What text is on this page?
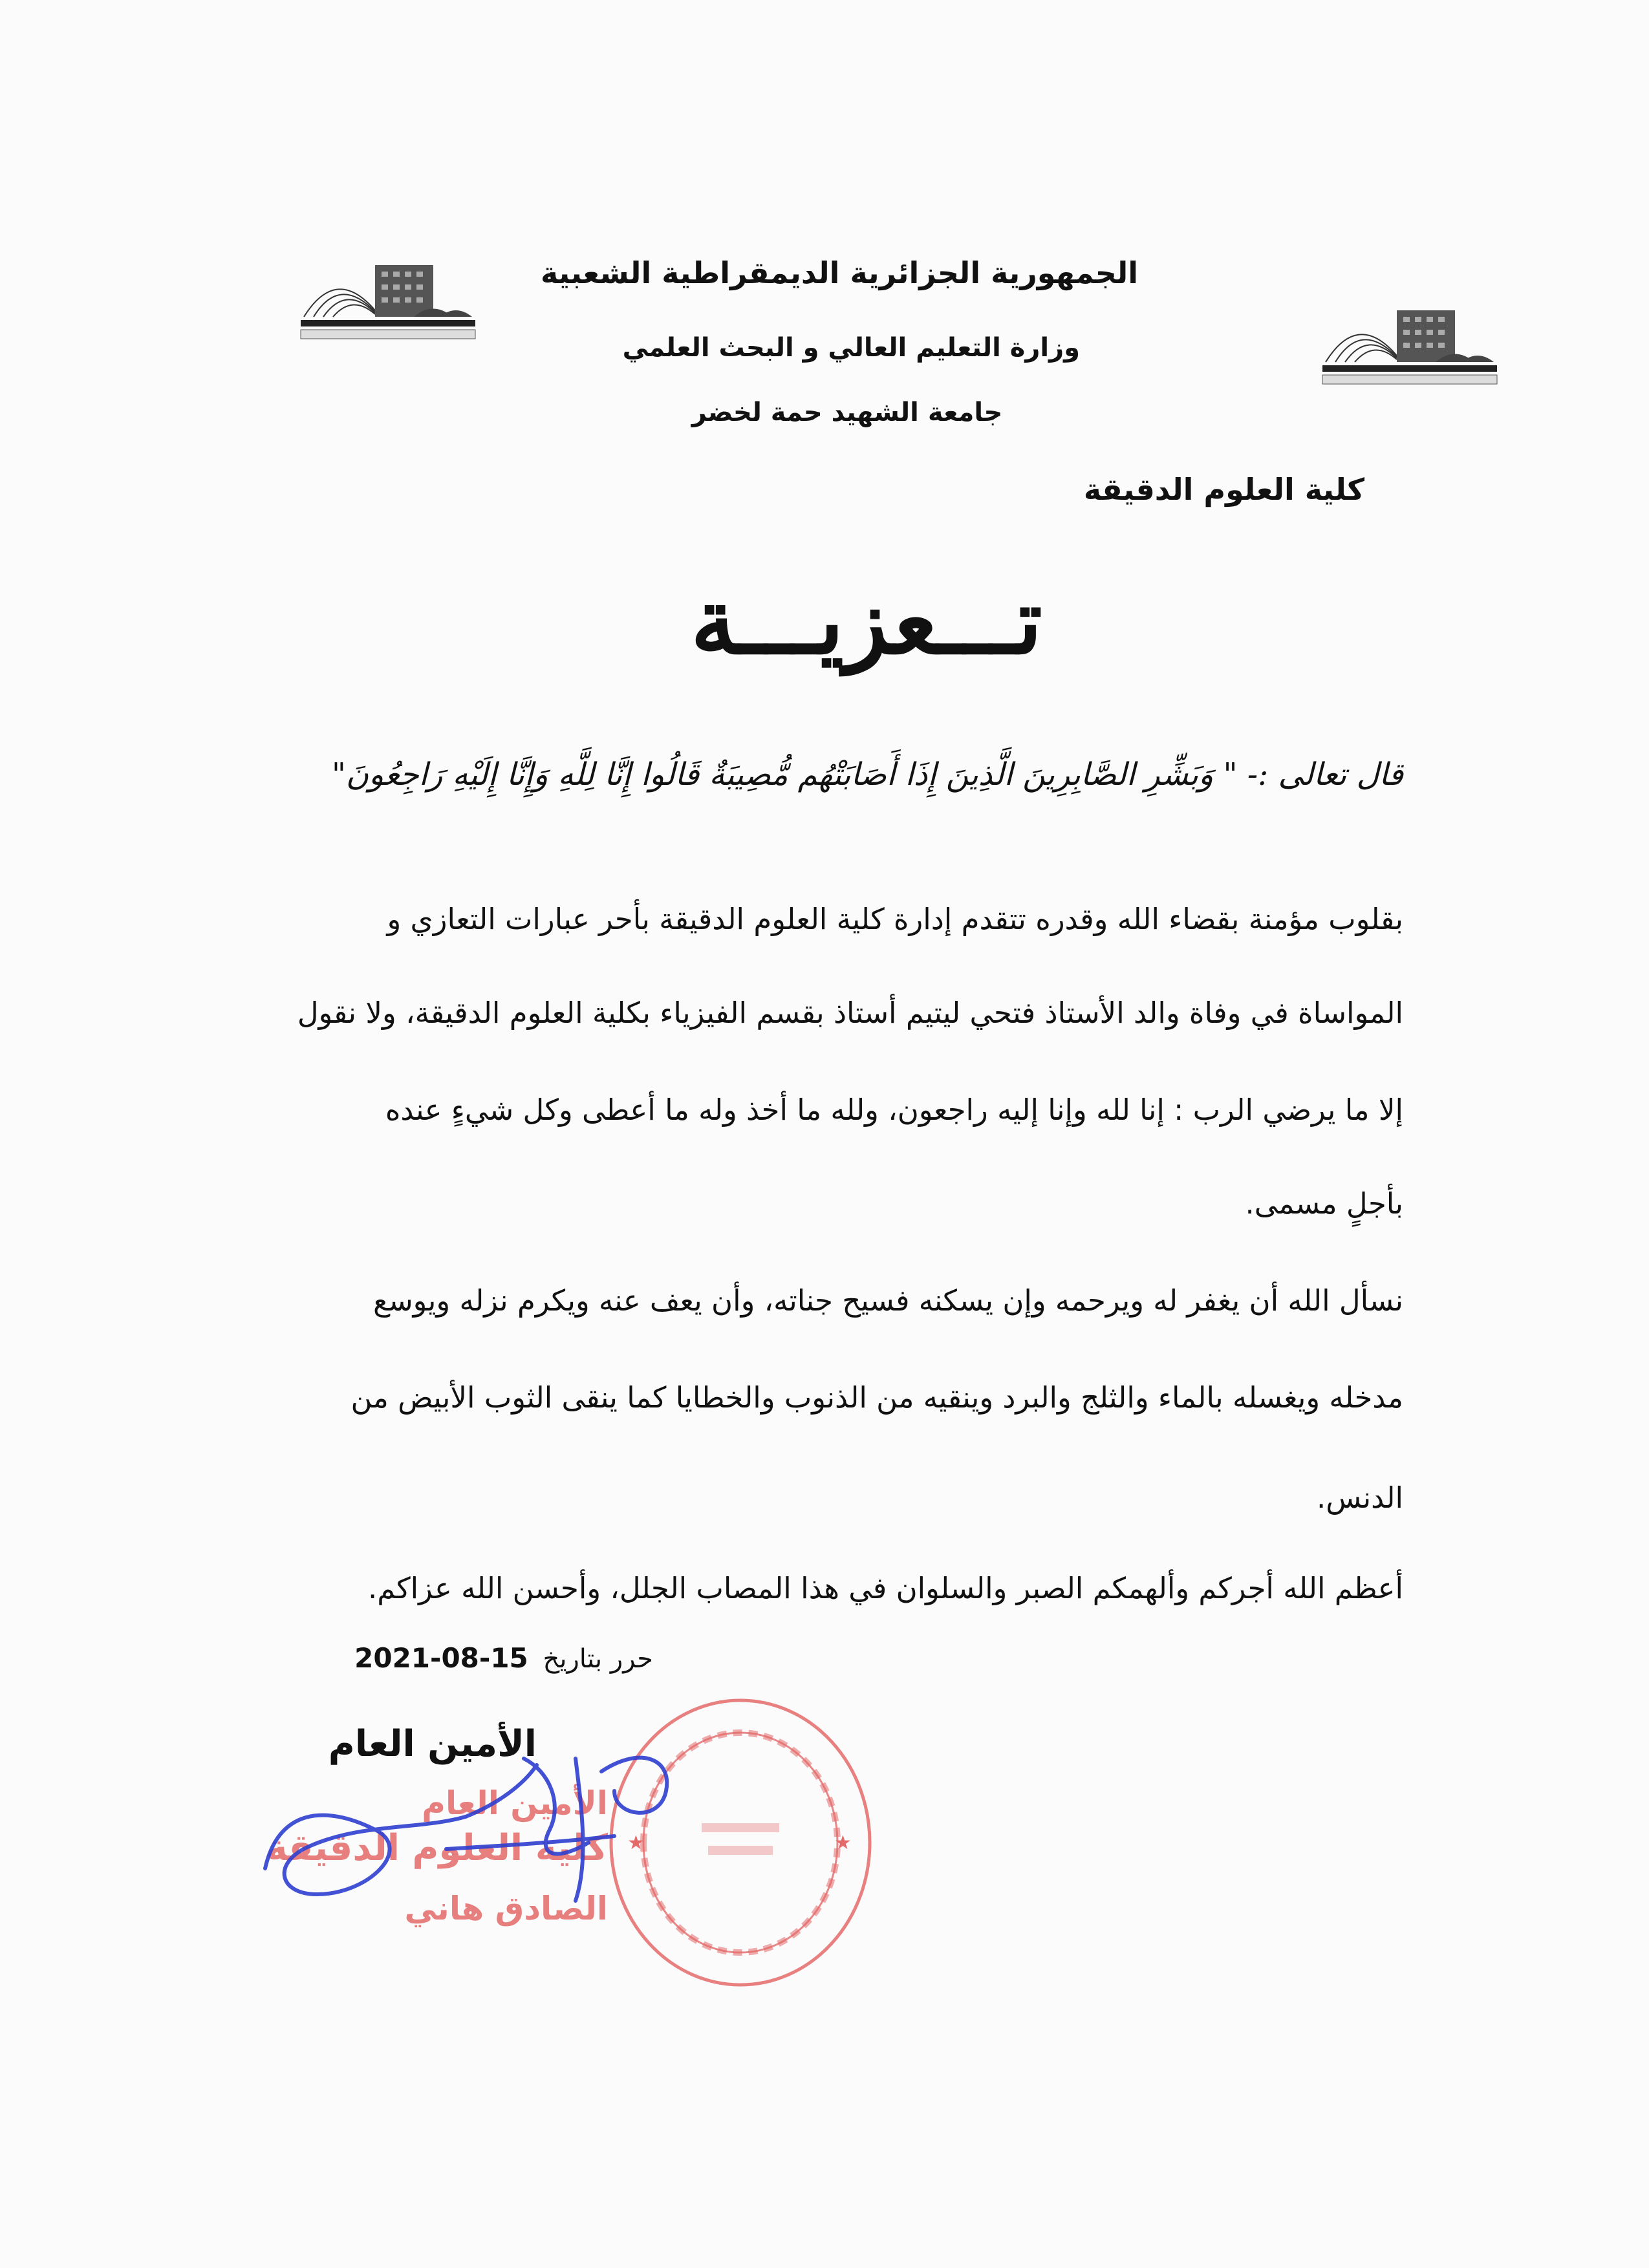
الجمهورية الجزائرية الديمقراطية الشعبية
وزارة التعليم العالي و البحث العلمي
جامعة الشهيد حمة لخضر
كلية العلوم الدقيقة
تـــعزيـــة
قال تعالى :- " وَبَشِّرِ الصَّابِرِينَ الَّذِينَ إِذَا أَصَابَتْهُم مُّصِيبَةٌ قَالُوا إِنَّا لِلَّهِ وَإِنَّا إِلَيْهِ رَاجِعُونَ"
بقلوب مؤمنة بقضاء الله وقدره تتقدم إدارة كلية العلوم الدقيقة بأحر عبارات التعازي و
المواساة في وفاة والد الأستاذ فتحي ليتيم أستاذ بقسم الفيزياء بكلية العلوم الدقيقة، ولا نقول
إلا ما يرضي الرب : إنا لله وإنا إليه راجعون، ولله ما أخذ وله ما أعطى وكل شيءٍ عنده
بأجلٍ مسمى.
نسأل الله أن يغفر له ويرحمه وإن يسكنه فسيح جناته، وأن يعف عنه ويكرم نزله ويوسع
مدخله ويغسله بالماء والثلج والبرد وينقيه من الذنوب والخطايا كما ينقى الثوب الأبيض من
الدنس.
أعظم الله أجركم وألهمكم الصبر والسلوان في هذا المصاب الجلل، وأحسن الله عزاكم.
حرر بتاريخ 2021-08-15
الأمين العام
★	★
الأمين العام
كلية العلوم الدقيقة
الصادق هاني
